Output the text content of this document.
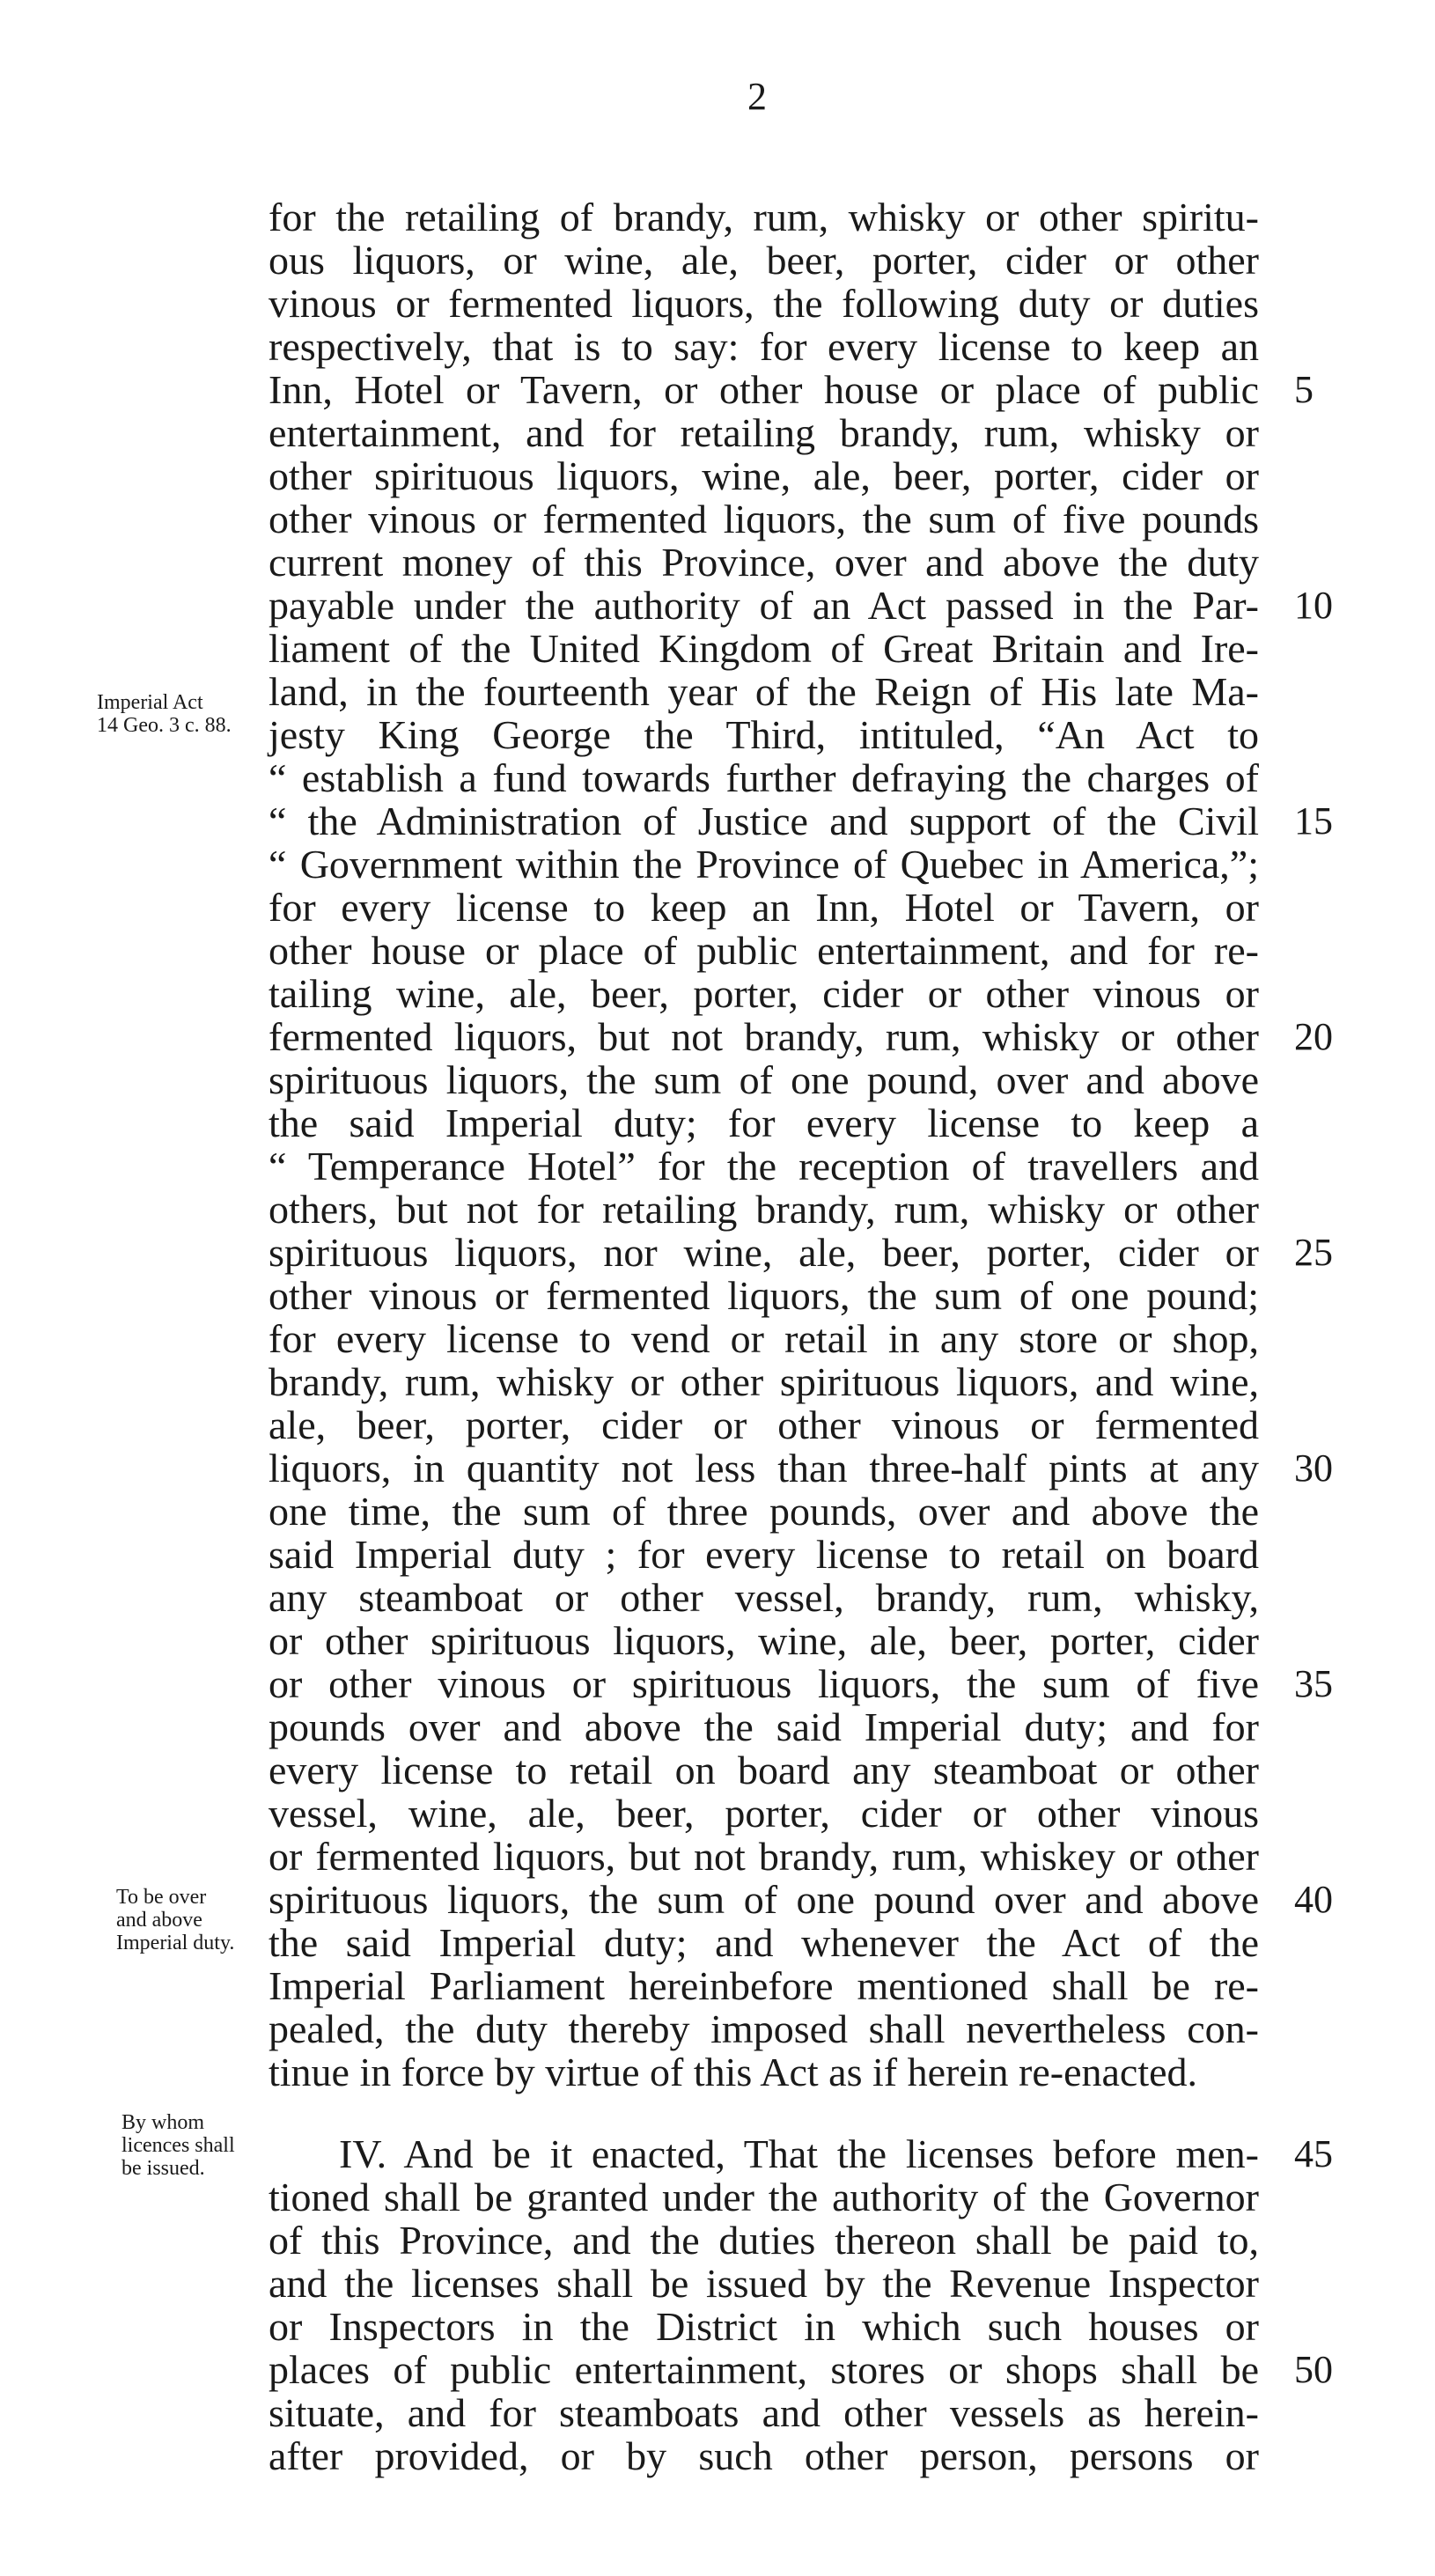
2
Imperial Act
14 Geo. 3 c. 88.
To be over
and above
Imperial duty.
By whom
licences shall
be issued.
for the retailing of brandy, rum, whisky or other spiritu-
ous liquors, or wine, ale, beer, porter, cider or other
vinous or fermented liquors, the following duty or duties
respectively, that is to say: for every license to keep an
Inn, Hotel or Tavern, or other house or place of public 5
entertainment, and for retailing brandy, rum, whisky or
other spirituous liquors, wine, ale, beer, porter, cider or
other vinous or fermented liquors, the sum of five pounds
current money of this Province, over and above the duty
payable under the authority of an Act passed in the Par- 10
liament of the United Kingdom of Great Britain and Ire-
land, in the fourteenth year of the Reign of His late Ma-
jesty King George the Third, intituled, “An Act to
“ establish a fund towards further defraying the charges of
“ the Administration of Justice and support of the Civil 15
“ Government within the Province of Quebec in America,”;
for every license to keep an Inn, Hotel or Tavern, or
other house or place of public entertainment, and for re-
tailing wine, ale, beer, porter, cider or other vinous or
fermented liquors, but not brandy, rum, whisky or other 20
spirituous liquors, the sum of one pound, over and above
the said Imperial duty; for every license to keep a
“ Temperance Hotel” for the reception of travellers and
others, but not for retailing brandy, rum, whisky or other
spirituous liquors, nor wine, ale, beer, porter, cider or 25
other vinous or fermented liquors, the sum of one pound;
for every license to vend or retail in any store or shop,
brandy, rum, whisky or other spirituous liquors, and wine,
ale, beer, porter, cider or other vinous or fermented
liquors, in quantity not less than three-half pints at any 30
one time, the sum of three pounds, over and above the
said Imperial duty ; for every license to retail on board
any steamboat or other vessel, brandy, rum, whisky,
or other spirituous liquors, wine, ale, beer, porter, cider
or other vinous or spirituous liquors, the sum of five 35
pounds over and above the said Imperial duty; and for
every license to retail on board any steamboat or other
vessel, wine, ale, beer, porter, cider or other vinous
or fermented liquors, but not brandy, rum, whiskey or other
spirituous liquors, the sum of one pound over and above 40
the said Imperial duty; and whenever the Act of the
Imperial Parliament hereinbefore mentioned shall be re-
pealed, the duty thereby imposed shall nevertheless con-
tinue in force by virtue of this Act as if herein re-enacted.
IV. And be it enacted, That the licenses before men- 45
tioned shall be granted under the authority of the Governor
of this Province, and the duties thereon shall be paid to,
and the licenses shall be issued by the Revenue Inspector
or Inspectors in the District in which such houses or
places of public entertainment, stores or shops shall be 50
situate, and for steamboats and other vessels as herein-
after provided, or by such other person, persons or
